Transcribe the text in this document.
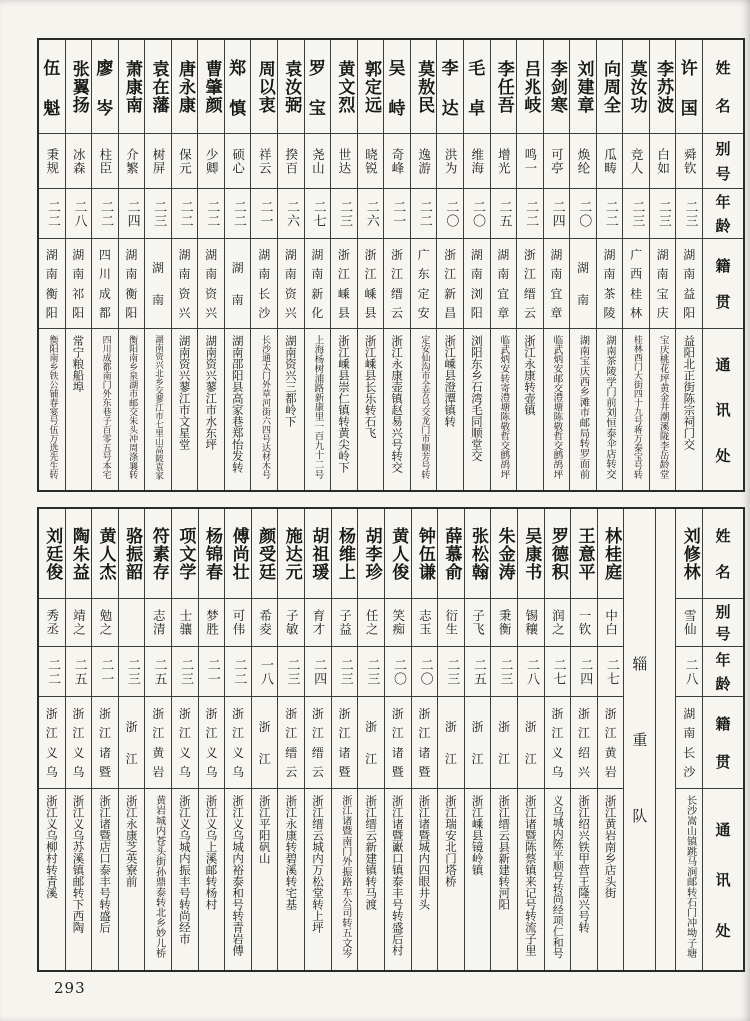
姓
名
别
号
年
龄
籍
贯
通
讯
处
许
国
舜钦
二三
湖
南
益
阳
益阳北正街陈宗祠门交
李苏波
白如
二三
湖
南
宝
庆
宝庆桃花坪黄金井潮溪陇李岳龄堂
莫汝功
竞人
二三
广
西
桂
林
桂林西门大街四十九号蒋万泰宝号转
向周全
瓜畴
二二
湖
南
茶
陵
湖南茶陵学门前刘恒泰伞店转交
刘建章
焕纶
二〇
湖
南
湖南宝庆西乡滩市邮局转罗面前
李剑寒
可亭
二四
湖
南
宜
章
临武炳安邮交澧塘陈敬哲交鹧鸪坪
吕兆岐
鸣一
二二
浙
江
缙
云
浙江永康转壶镇
李任吾
增光
二五
湖
南
宜
章
临武炳安转寄澧塘陈敬哲交鹧鸪坪
毛
卓
维海
二〇
湖
南
浏
阳
浏阳东乡石湾毛同顺堂交
李
达
洪为
二〇
浙
江
新
昌
浙江嵊县澄潭镇转
莫敖民
逸游
二二
广
东
定
安
定安仙沟市全芳号交龙门市顺芳号转
吴
峙
奇峰
二一
浙
江
缙
云
浙江永康壶镇赵易兴号转交
郭定远
晓锐
二六
浙
江
嵊
县
浙江嵊县长乐转石飞
黄文烈
世达
二三
浙
江
嵊
县
浙江嵊县崇仁镇转黄尖岭下
罗
宝
尧山
二七
湖
南
新
化
上海杨树浦路新康里一百九十二号
袁汝弼
揆百
二六
湖
南
资
兴
湖南资兴三都岭下
周以衷
祥云
二一
湖
南
长
沙
长沙通太门外草河街六四号达材木号
郑
慎
硕心
二二
湖
南
湖南邵阳县高家巷郑怡发转
曹肇颜
少卿
二二
湖
南
资
兴
湖南资兴蓼江市水东坪
唐永康
保元
二二
湖
南
资
兴
湖南资兴蓼江市文星堂
袁在藩
树屏
二三
湖
南
湖南资兴北乡交蓼江市七里山高陂袁家
萧康南
介繁
二四
湖
南
衡
阳
衡阳南乡泉湖市邮交朱头冲周涤襄转
廖
岑
柱臣
二二
四
川
成
都
四川成都南门外东巷子百零五号本宅
张翼扬
冰森
二八
湖
南
祁
阳
常宁粮船埠
伍
魁
秉规
二二
湖
南
衡
阳
衡阳南乡铁公铺春宴号伍万选先生转
姓
名
别
号
年
龄
籍
贯
通
讯
处
刘修林
雪仙
二八
湖
南
长
沙
长沙嵩山镇跳马涧邮转石门冲坳子塘
辎
重
队
林桂庭
中白
二七
浙
江
黄
岩
浙江黄岩南乡店头街
王意平
一钦
二四
浙
江
绍
兴
浙江绍兴铁甲营王隆兴号转
罗德积
润之
二七
浙
江
义
乌
义乌城内陈平顺号转尚经项仁和号
吴康书
锡穰
二八
浙
江
浙江诸暨陈蔡镇来记号转流子里
朱金涛
秉衡
二三
浙
江
浙江缙云县新建转河阳
张松翰
子飞
二五
浙
江
浙江嵊县镜岭镇
薛慕俞
衍生
二三
浙
江
浙江瑞安北门塔桥
钟伍谦
志玉
二〇
浙
江
诸
暨
浙江诸暨城内四眼井头
黄人俊
笑痴
二〇
浙
江
诸
暨
浙江诸暨巚口镇泰丰号转盛后村
胡李珍
任之
二三
浙
江
浙江缙云新建镇转马渡
杨维上
子益
二三
浙
江
诸
暨
浙江诸暨南门外振路车公司转五文岑
胡祖瑗
育才
二四
浙
江
缙
云
浙江缙云城内万松堂转上坪
施达元
子敏
二三
浙
江
缙
云
浙江永康转碧溪转宅基
颜受廷
希夌
一八
浙
江
浙江平阳矾山
傅尚壮
可伟
二二
浙
江
义
乌
浙江义乌城内裕泰和号转青岩傅
杨锦春
梦胜
二一
浙
江
义
乌
浙江义乌上溪邮转杨村
项文学
士骧
二三
浙
江
义
乌
浙江义乌城内振丰号转尚经市
符素存
志清
二五
浙
江
黄
岩
黄岩城内苍头街孙鼎泰转北乡妙儿桥
骆振韶
二三
浙
江
浙江永康芝英寮前
黄人杰
勉之
二一
浙
江
诸
暨
浙江诸暨店口泰丰号转盛后
陶朱益
靖之
二五
浙
江
义
乌
浙江义乌苏溪镇邮转下西陶
刘廷俊
秀丞
二二
浙
江
义
乌
浙江义乌柳村转青溪
293
